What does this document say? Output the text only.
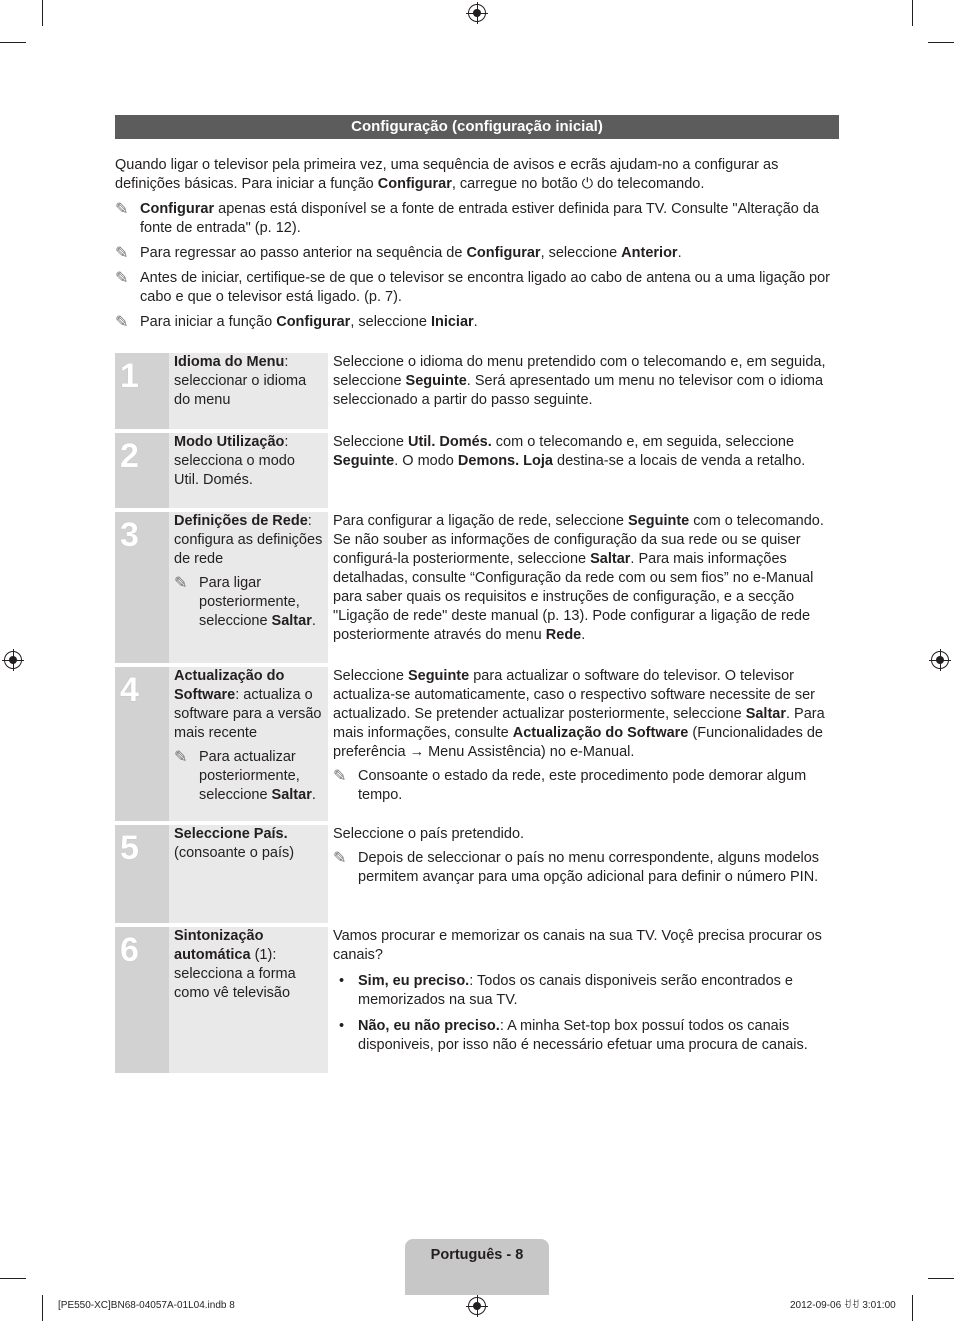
Configuração (configuração inicial)

Quando ligar o televisor pela primeira vez, uma sequência de avisos e ecrãs ajudam-no a configurar as definições básicas. Para iniciar a função Configurar, carregue no botão ⏻ do telecomando.

✎ Configurar apenas está disponível se a fonte de entrada estiver definida para TV. Consulte "Alteração da fonte de entrada" (p. 12).
✎ Para regressar ao passo anterior na sequência de Configurar, seleccione Anterior.
✎ Antes de iniciar, certifique-se de que o televisor se encontra ligado ao cabo de antena ou a uma ligação por cabo e que o televisor está ligado. (p. 7).
✎ Para iniciar a função Configurar, seleccione Iniciar.
1	Idioma do Menu: seleccionar o idioma do menu
Seleccione o idioma do menu pretendido com o telecomando e, em seguida, seleccione Seguinte. Será apresentado um menu no televisor com o idioma seleccionado a partir do passo seguinte.
2	Modo Utilização: selecciona o modo Util. Domés.
Seleccione Util. Domés. com o telecomando e, em seguida, seleccione Seguinte. O modo Demons. Loja destina-se a locais de venda a retalho.
3	Definições de Rede: configura as definições de rede
✎ Para ligar posteriormente, seleccione Saltar.
Para configurar a ligação de rede, seleccione Seguinte com o telecomando. Se não souber as informações de configuração da sua rede ou se quiser configurá-la posteriormente, seleccione Saltar. Para mais informações detalhadas, consulte “Configuração da rede com ou sem fios” no e-Manual para saber quais os requisitos e instruções de configuração, e a secção "Ligação de rede" deste manual (p. 13). Pode configurar a ligação de rede posteriormente através do menu Rede.
4	Actualização do Software: actualiza o software para a versão mais recente
✎ Para actualizar posteriormente, seleccione Saltar.
Seleccione Seguinte para actualizar o software do televisor. O televisor actualiza-se automaticamente, caso o respectivo software necessite de ser actualizado. Se pretender actualizar posteriormente, seleccione Saltar. Para mais informações, consulte Actualização do Software (Funcionalidades de preferência → Menu Assistência) no e-Manual.
✎ Consoante o estado da rede, este procedimento pode demorar algum tempo.
5	Seleccione País. (consoante o país)
Seleccione o país pretendido.
✎ Depois de seleccionar o país no menu correspondente, alguns modelos permitem avançar para uma opção adicional para definir o número PIN.
6	Sintonização automática (1): selecciona a forma como vê televisão
Vamos procurar e memorizar os canais na sua TV. Voçê precisa procurar os canais?
• Sim, eu preciso.: Todos os canais disponiveis serão encontrados e memorizados na sua TV.
• Não, eu não preciso.: A minha Set-top box possuí todos os canais disponiveis, por isso não é necessário efetuar uma procura de canais.
Português - 8
[PE550-XC]BN68-04057A-01L04.indb 8	2012-09-06 ꀀꀀ 3:01:00
